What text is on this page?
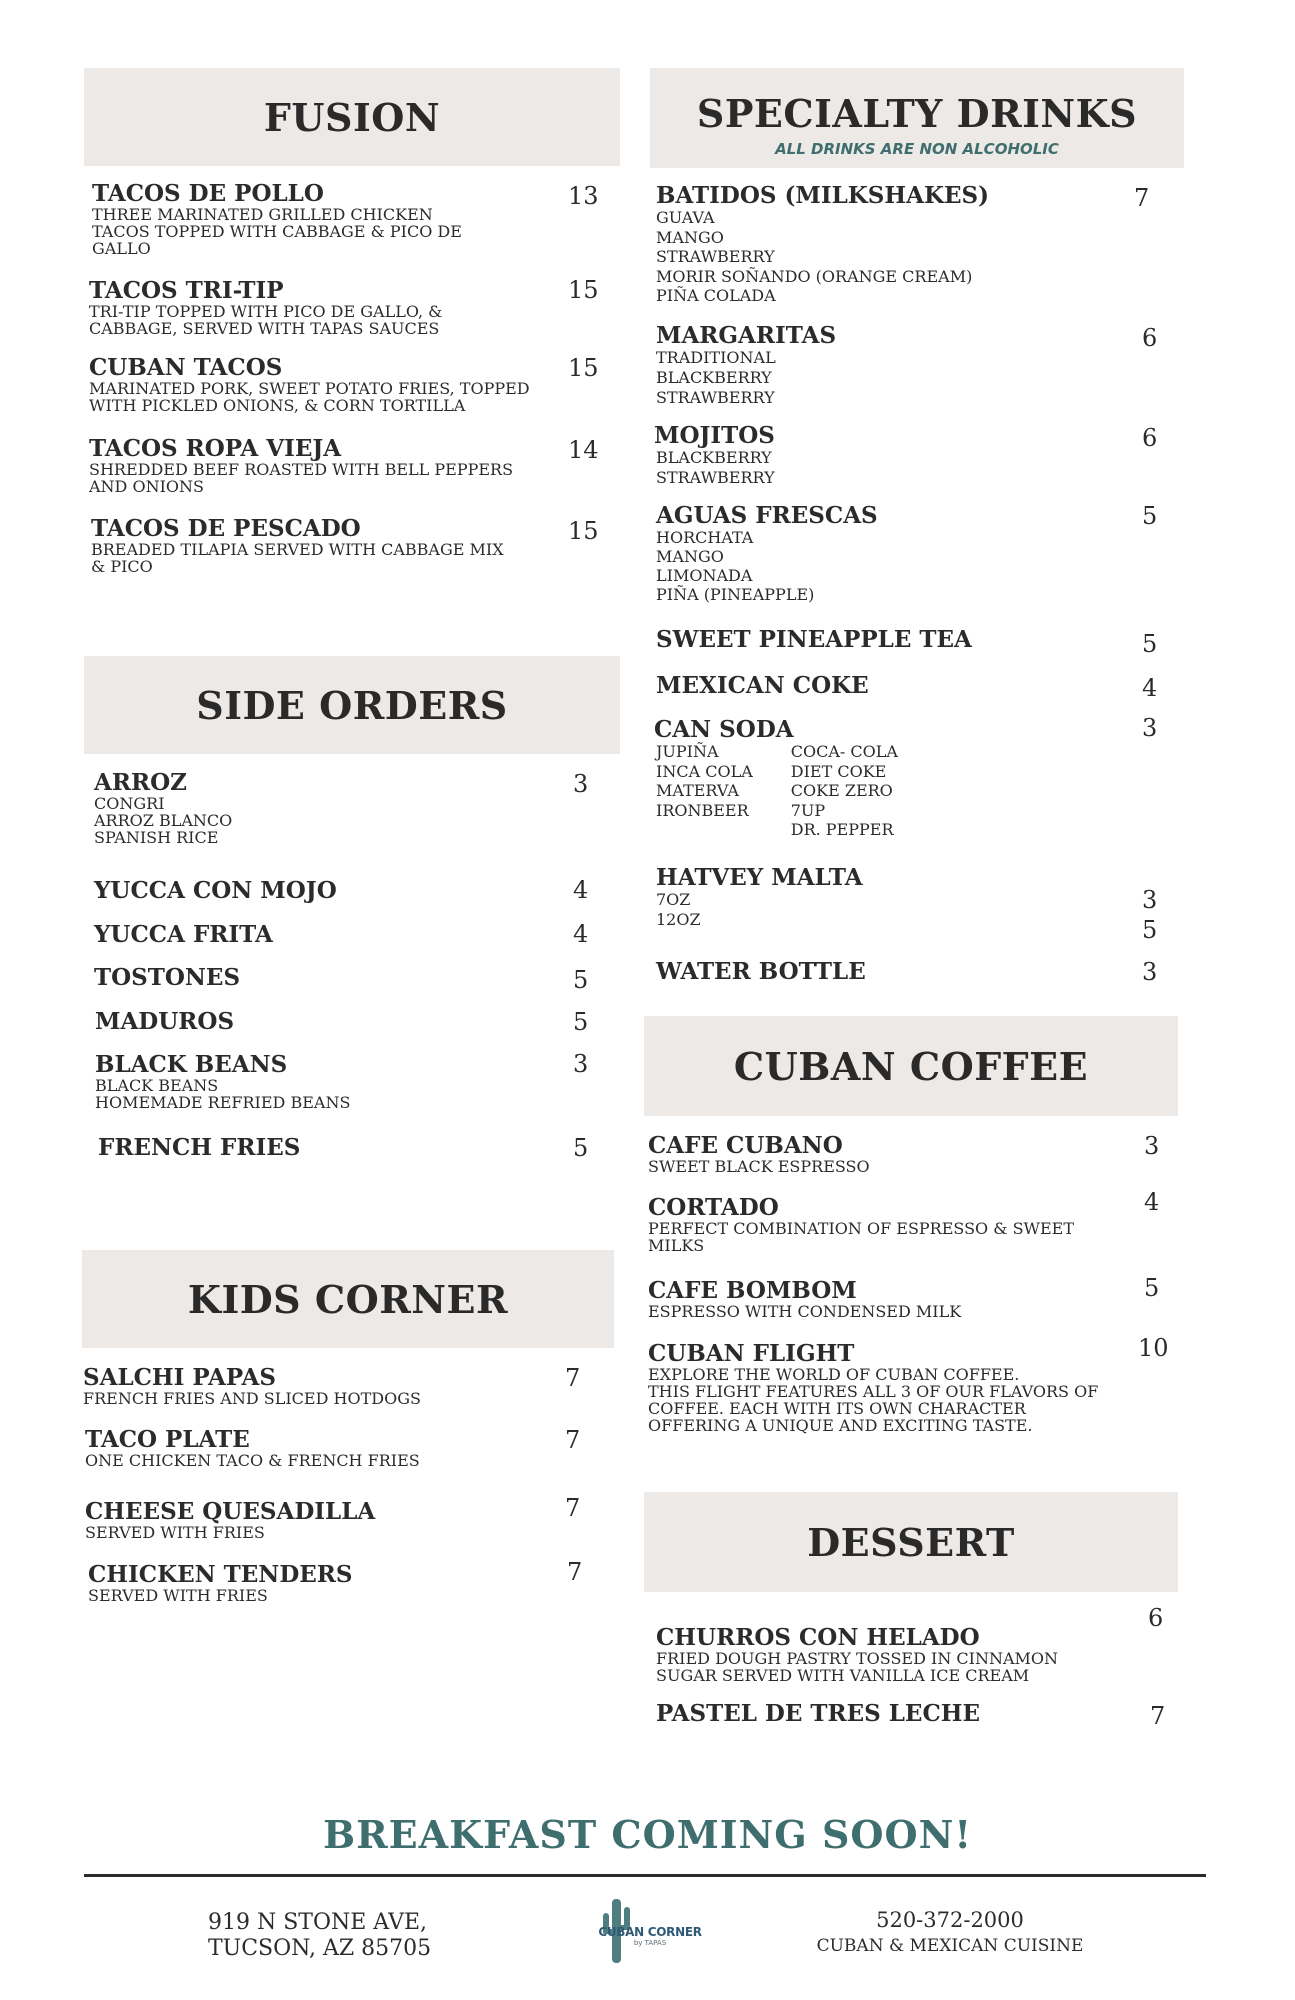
FUSION
TACOS DE POLLO
THREE MARINATED GRILLED CHICKEN
TACOS TOPPED WITH CABBAGE & PICO DE
GALLO
13
TACOS TRI-TIP
TRI-TIP TOPPED WITH PICO DE GALLO, &
CABBAGE, SERVED WITH TAPAS SAUCES
15
CUBAN TACOS
MARINATED PORK, SWEET POTATO FRIES, TOPPED
WITH PICKLED ONIONS, & CORN TORTILLA
15
TACOS ROPA VIEJA
SHREDDED BEEF ROASTED WITH BELL PEPPERS
AND ONIONS
14
TACOS DE PESCADO
BREADED TILAPIA SERVED WITH CABBAGE MIX
& PICO
15
SIDE ORDERS
ARROZ
CONGRI
ARROZ BLANCO
SPANISH RICE
3
YUCCA CON MOJO	4
YUCCA FRITA	4
TOSTONES	5
MADUROS	5
BLACK BEANS
BLACK BEANS
HOMEMADE REFRIED BEANS
3
FRENCH FRIES	5
KIDS CORNER
SALCHI PAPAS
FRENCH FRIES AND SLICED HOTDOGS
7
TACO PLATE
ONE CHICKEN TACO & FRENCH FRIES
7
CHEESE QUESADILLA
SERVED WITH FRIES
7
CHICKEN TENDERS
SERVED WITH FRIES
7
SPECIALTY DRINKS
ALL DRINKS ARE NON ALCOHOLIC
BATIDOS (MILKSHAKES)
GUAVA
MANGO
STRAWBERRY
MORIR SOÑANDO (ORANGE CREAM)
PIÑA COLADA
7
MARGARITAS
TRADITIONAL
BLACKBERRY
STRAWBERRY
6
MOJITOS
BLACKBERRY
STRAWBERRY
6
AGUAS FRESCAS
HORCHATA
MANGO
LIMONADA
PIÑA (PINEAPPLE)
5
SWEET PINEAPPLE TEA	5
MEXICAN COKE	4
CAN SODA
JUPIÑA
INCA COLA
MATERVA
IRONBEER
COCA- COLA
DIET COKE
COKE ZERO
7UP
DR. PEPPER
3
HATVEY MALTA
7OZ
12OZ
3
5
WATER BOTTLE	3
CUBAN COFFEE
CAFE CUBANO
SWEET BLACK ESPRESSO
3
CORTADO
PERFECT COMBINATION OF ESPRESSO & SWEET
MILKS
4
CAFE BOMBOM
ESPRESSO WITH CONDENSED MILK
5
CUBAN FLIGHT
EXPLORE THE WORLD OF CUBAN COFFEE.
THIS FLIGHT FEATURES ALL 3 OF OUR FLAVORS OF
COFFEE. EACH WITH ITS OWN CHARACTER
OFFERING A UNIQUE AND EXCITING TASTE.
10
DESSERT
CHURROS CON HELADO
FRIED DOUGH PASTRY TOSSED IN CINNAMON
SUGAR SERVED WITH VANILLA ICE CREAM
6
PASTEL DE TRES LECHE	7
BREAKFAST COMING SOON!
919 N STONE AVE,
TUCSON, AZ 85705
CUBAN CORNER
by TAPAS
520-372-2000
CUBAN & MEXICAN CUISINE
